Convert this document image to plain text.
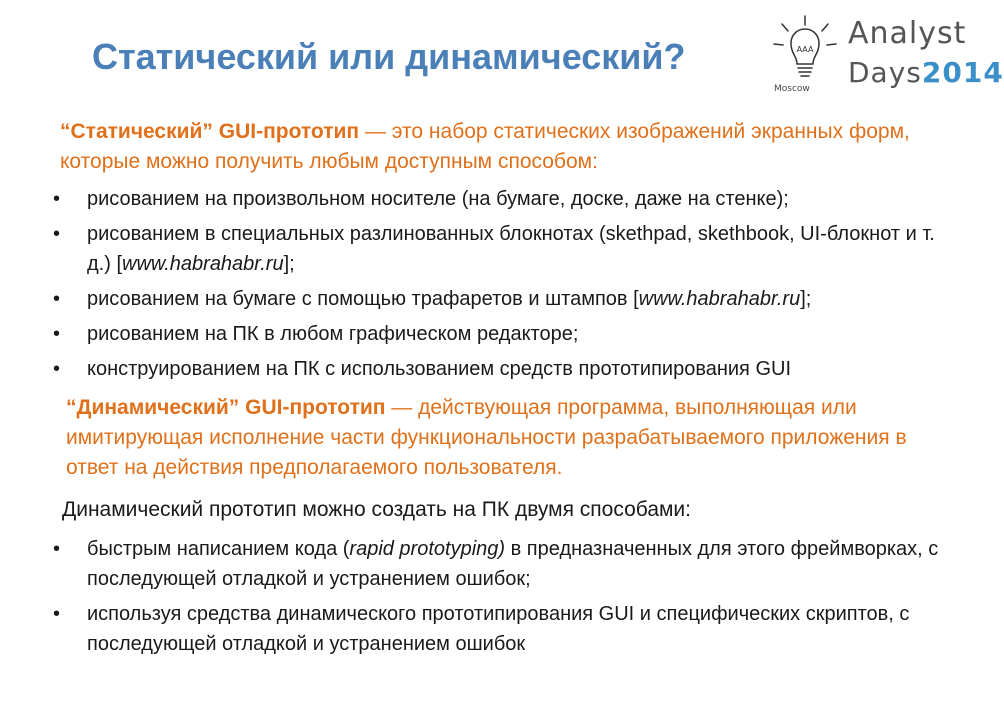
Статический или динамический?	AAA
Moscow
Analyst
Days2014
“Статический” GUI-прототип — это набор статических изображений экранных форм, которые можно получить любым доступным способом:
• рисованием на произвольном носителе (на бумаге, доске, даже на стенке);
• рисованием в специальных разлинованных блокнотах (skethpad, skethbook, UI-блокнот и т. д.) [www.habrahabr.ru];
• рисованием на бумаге с помощью трафаретов и штампов [www.habrahabr.ru];
• рисованием на ПК в любом графическом редакторе;
• конструированием на ПК с использованием средств прототипирования GUI
“Динамический” GUI-прототип — действующая программа, выполняющая или имитирующая исполнение части функциональности разрабатываемого приложения в ответ на действия предполагаемого пользователя.
Динамический прототип можно создать на ПК двумя способами:
• быстрым написанием кода (rapid prototyping) в предназначенных для этого фреймворках, с последующей отладкой и устранением ошибок;
• используя средства динамического прототипирования GUI и специфических скриптов, с последующей отладкой и устранением ошибок
